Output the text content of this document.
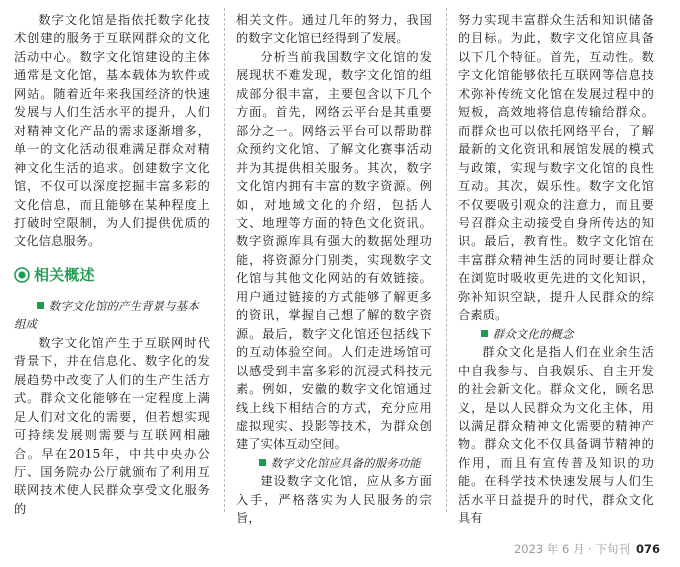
数字文化馆是指依托数字化技术创建的服务于互联网群众的文化活动中心。数字文化馆建设的主体通常是文化馆，基本载体为软件或网站。随着近年来我国经济的快速发展与人们生活水平的提升，人们对精神文化产品的需求逐渐增多，单一的文化活动很难满足群众对精神文化生活的追求。创建数字文化馆，不仅可以深度挖掘丰富多彩的文化信息，而且能够在某种程度上打破时空限制，为人们提供优质的文化信息服务。

相关概述
数字文化馆的产生背景与基本组成

数字文化馆产生于互联网时代背景下，并在信息化、数字化的发展趋势中改变了人们的生产生活方式。群众文化能够在一定程度上满足人们对文化的需要，但若想实现可持续发展则需要与互联网相融合。早在2015年，中共中央办公厅、国务院办公厅就颁布了利用互联网技术使人民群众享受文化服务的

相关文件。通过几年的努力，我国的数字文化馆已经得到了发展。

分析当前我国数字文化馆的发展现状不难发现，数字文化馆的组成部分很丰富，主要包含以下几个方面。首先，网络云平台是其重要部分之一。网络云平台可以帮助群众预约文化馆、了解文化赛事活动并为其提供相关服务。其次，数字文化馆内拥有丰富的数字资源。例如，对地域文化的介绍，包括人文、地理等方面的特色文化资讯。数字资源库具有强大的数据处理功能，将资源分门别类，实现数字文化馆与其他文化网站的有效链接。用户通过链接的方式能够了解更多的资讯，掌握自己想了解的数字资源。最后，数字文化馆还包括线下的互动体验空间。人们走进场馆可以感受到丰富多彩的沉浸式科技元素。例如，安徽的数字文化馆通过线上线下相结合的方式，充分应用虚拟现实、投影等技术，为群众创建了实体互动空间。

数字文化馆应具备的服务功能

建设数字文化馆，应从多方面入手，严格落实为人民服务的宗旨，

努力实现丰富群众生活和知识储备的目标。为此，数字文化馆应具备以下几个特征。首先，互动性。数字文化馆能够依托互联网等信息技术弥补传统文化馆在发展过程中的短板，高效地将信息传输给群众。而群众也可以依托网络平台，了解最新的文化资讯和展馆发展的模式与政策，实现与数字文化馆的良性互动。其次，娱乐性。数字文化馆不仅要吸引观众的注意力，而且要号召群众主动接受自身所传达的知识。最后，教育性。数字文化馆在丰富群众精神生活的同时要让群众在浏览时吸收更先进的文化知识，弥补知识空缺，提升人民群众的综合素质。

群众文化的概念

群众文化是指人们在业余生活中自我参与、自我娱乐、自主开发的社会新文化。群众文化，顾名思义，是以人民群众为文化主体，用以满足群众精神文化需要的精神产物。群众文化不仅具备调节精神的作用，而且有宣传普及知识的功能。在科学技术快速发展与人们生活水平日益提升的时代，群众文化具有

2023 年 6 月 · 下旬刊 076
